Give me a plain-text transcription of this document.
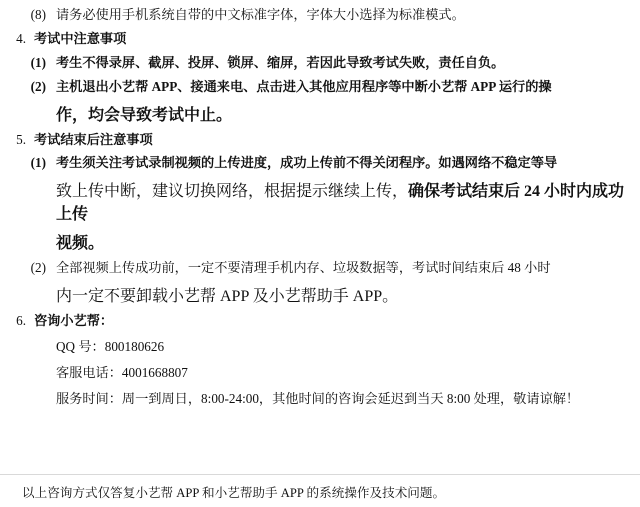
(8) 请务必使用手机系统自带的中文标准字体，字体大小选择为标准模式。
4. 考试中注意事项
(1) 考生不得录屏、截屏、投屏、锁屏、缩屏，若因此导致考试失败，责任自负。
(2) 主机退出小艺帮 APP、接通来电、点击进入其他应用程序等中断小艺帮 APP 运行的操
作，均会导致考试中止。
5. 考试结束后注意事项
(1) 考生须关注考试录制视频的上传进度，成功上传前不得关闭程序。如遇网络不稳定等导
致上传中断，建议切换网络，根据提示继续上传，确保考试结束后 24 小时内成功上传
视频。
(2) 全部视频上传成功前，一定不要清理手机内存、垃圾数据等，考试时间结束后 48 小时
内一定不要卸载小艺帮 APP 及小艺帮助手 APP。
6. 咨询小艺帮：
QQ 号：800180626
客服电话：4001668807
服务时间：周一到周日，8:00-24:00，其他时间的咨询会延迟到当天 8:00 处理，敬请谅解！
以上咨询方式仅答复小艺帮 APP 和小艺帮助手 APP 的系统操作及技术问题。
